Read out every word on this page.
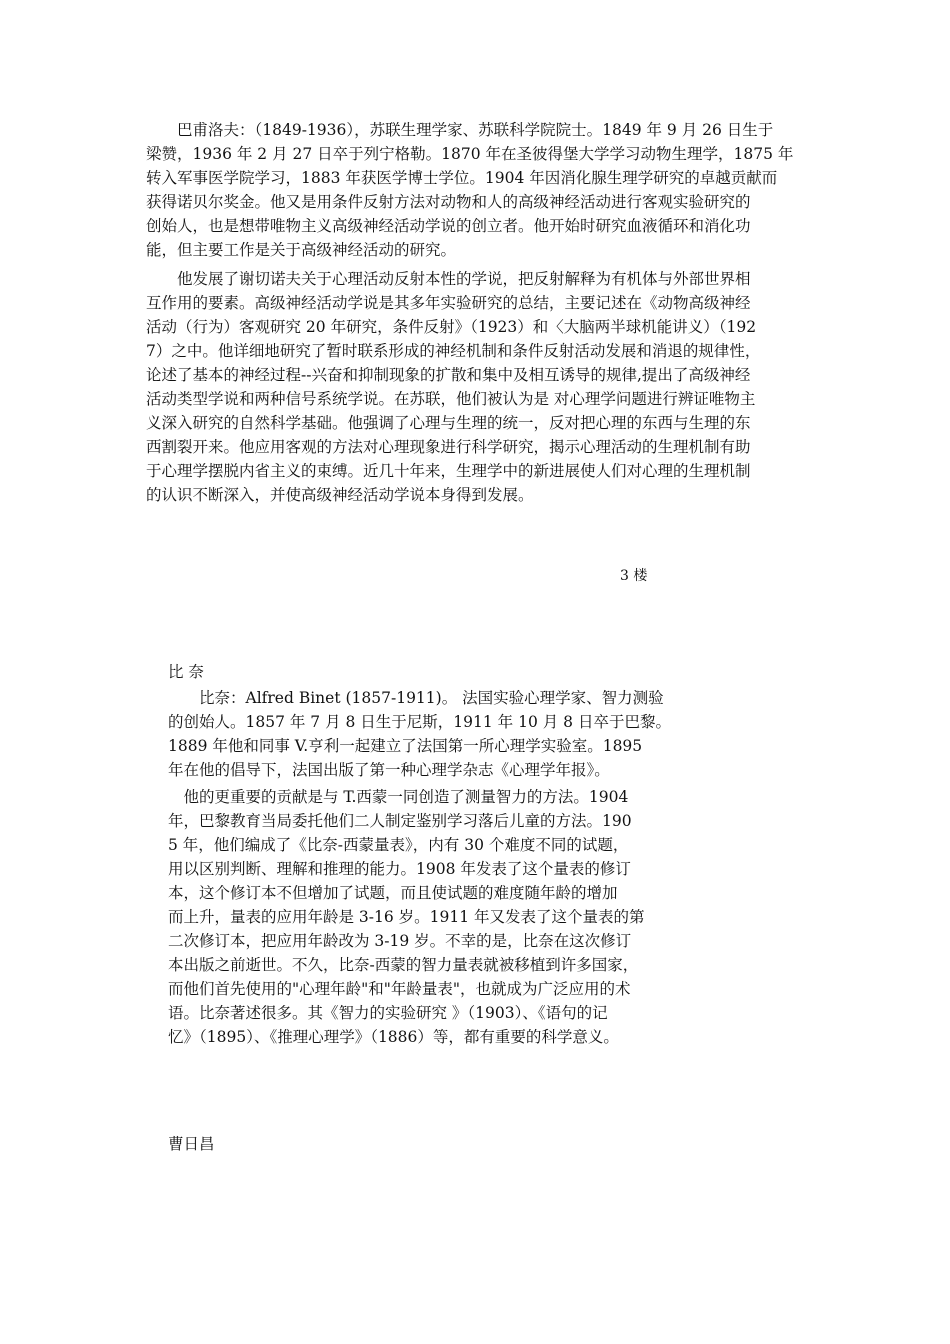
　　巴甫洛夫：（1849-1936），苏联生理学家、苏联科学院院士。1849 年 9 月 26 日生于
梁赞，1936 年 2 月 27 日卒于列宁格勒。1870 年在圣彼得堡大学学习动物生理学，1875 年
转入军事医学院学习，1883 年获医学博士学位。1904 年因消化腺生理学研究的卓越贡献而
获得诺贝尔奖金。他又是用条件反射方法对动物和人的高级神经活动进行客观实验研究的
创始人，也是想带唯物主义高级神经活动学说的创立者。他开始时研究血液循环和消化功
能，但主要工作是关于高级神经活动的研究。
　　他发展了谢切诺夫关于心理活动反射本性的学说，把反射解释为有机体与外部世界相
互作用的要素。高级神经活动学说是其多年实验研究的总结，主要记述在《动物高级神经
活动（行为）客观研究 20 年研究，条件反射》（1923）和〈大脑两半球机能讲义）（192
7）之中。他详细地研究了暂时联系形成的神经机制和条件反射活动发展和消退的规律性，
论述了基本的神经过程--兴奋和抑制现象的扩散和集中及相互诱导的规律,提出了高级神经
活动类型学说和两种信号系统学说。在苏联，他们被认为是 对心理学问题进行辨证唯物主
义深入研究的自然科学基础。他强调了心理与生理的统一，反对把心理的东西与生理的东
西割裂开来。他应用客观的方法对心理现象进行科学研究，揭示心理活动的生理机制有助
于心理学摆脱内省主义的束缚。近几十年来，生理学中的新进展使人们对心理的生理机制
的认识不断深入，并使高级神经活动学说本身得到发展。
3 楼
比 奈
　　比奈：Alfred Binet (1857-1911)。 法国实验心理学家、智力测验
的创始人。1857 年 7 月 8 日生于尼斯，1911 年 10 月 8 日卒于巴黎。
1889 年他和同事 V.亨利一起建立了法国第一所心理学实验室。1895
年在他的倡导下，法国出版了第一种心理学杂志《心理学年报》。
　他的更重要的贡献是与 T.西蒙一同创造了测量智力的方法。1904
年，巴黎教育当局委托他们二人制定鉴别学习落后儿童的方法。190
5 年，他们编成了《比奈-西蒙量表》，内有 30 个难度不同的试题，
用以区别判断、理解和推理的能力。1908 年发表了这个量表的修订
本，这个修订本不但增加了试题，而且使试题的难度随年龄的增加
而上升，量表的应用年龄是 3-16 岁。1911 年又发表了这个量表的第
二次修订本，把应用年龄改为 3-19 岁。不幸的是，比奈在这次修订
本出版之前逝世。不久，比奈-西蒙的智力量表就被移植到许多国家，
而他们首先使用的"心理年龄"和"年龄量表"，也就成为广泛应用的术
语。比奈著述很多。其《智力的实验研究 》（1903）、《语句的记
忆》（1895）、《推理心理学》（1886）等，都有重要的科学意义。
曹日昌
